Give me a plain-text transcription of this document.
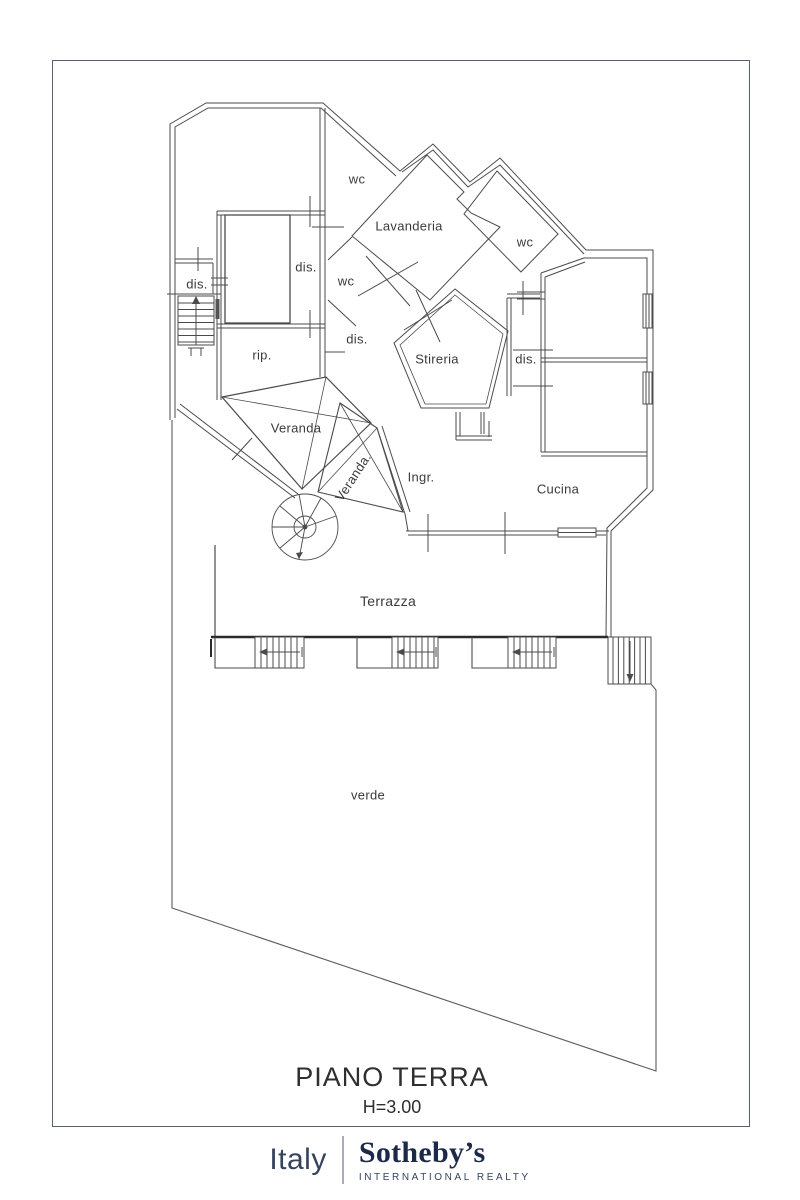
wc
Lavanderia
dis.
wc
wc
dis.
rip.
dis.
Stireria	dis.
Veranda
Veranda.	Ingr.
Cucina
Terrazza
verde
PIANO TERRA
H=3.00
Italy Sotheby’s
INTERNATIONAL REALTY
